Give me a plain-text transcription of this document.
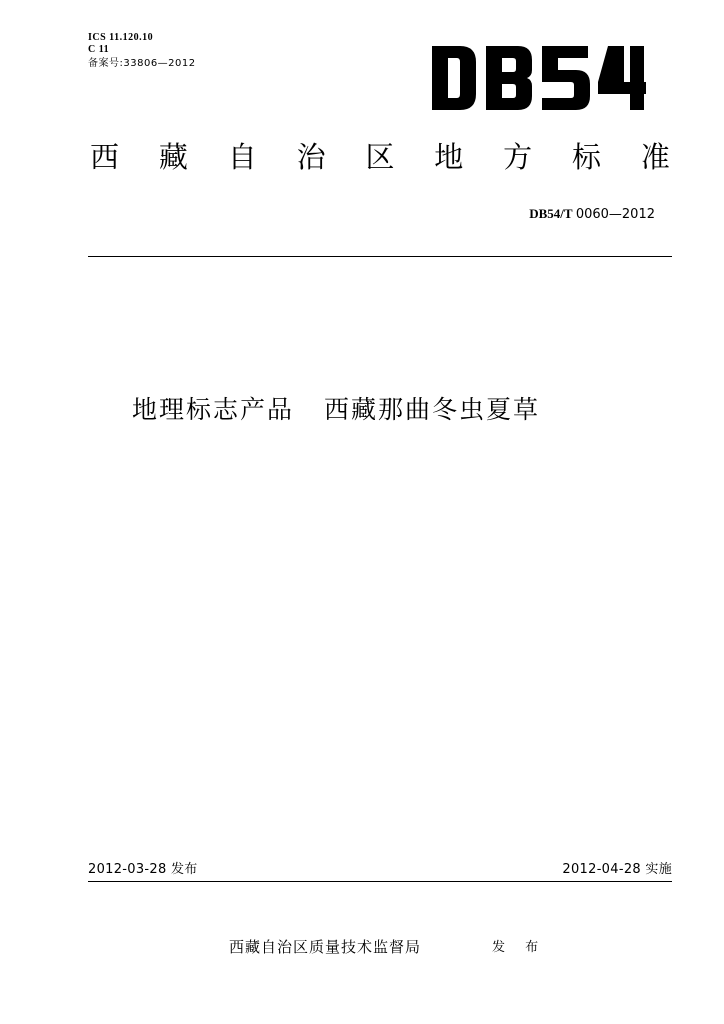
ICS 11.120.10
C 11
备案号:33806—2012
西 藏 自 治 区 地 方 标 准
DB54/T 0060—2012
地理标志产品 西藏那曲冬虫夏草
2012-03-28 发布	2012-04-28 实施
西藏自治区质量技术监督局	发 布
